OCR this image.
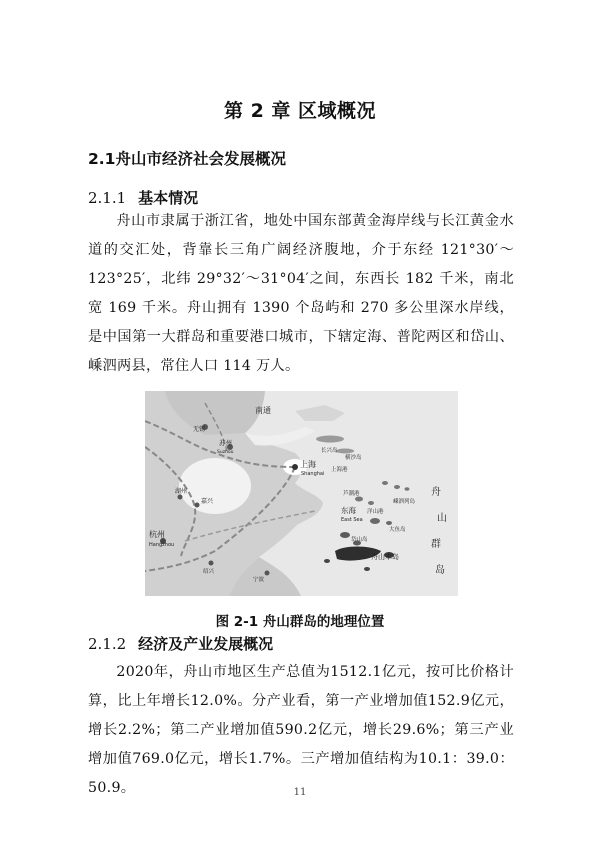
第 2 章 区域概况
2.1舟山市经济社会发展概况
2.1.1 基本情况
舟山市隶属于浙江省，地处中国东部黄金海岸线与长江黄金水道的交汇处，背靠长三角广阔经济腹地，介于东经 121°30′～123°25′，北纬 29°32′～31°04′之间，东西长 182 千米，南北宽 169 千米。舟山拥有 1390 个岛屿和 270 多公里深水岸线，是中国第一大群岛和重要港口城市，下辖定海、普陀两区和岱山、嵊泗两县，常住人口 114 万人。
南通
无锡
苏州
Suzhou	长兴岛
横沙岛
上海
Shanghai
上海港
湖州
嘉兴
杭州
Hangzhou
芦潮港
嵊泗列岛
洋山港
东海
East Sea
岱山岛
大鱼岛
舟山本岛
宁波
绍兴
舟
山
群
岛
图 2-1 舟山群岛的地理位置
2.1.2 经济及产业发展概况
2020年，舟山市地区生产总值为1512.1亿元，按可比价格计算，比上年增长12.0%。分产业看，第一产业增加值152.9亿元，增长2.2%；第二产业增加值590.2亿元，增长29.6%；第三产业增加值769.0亿元，增长1.7%。三产增加值结构为10.1：39.0：50.9。	11
